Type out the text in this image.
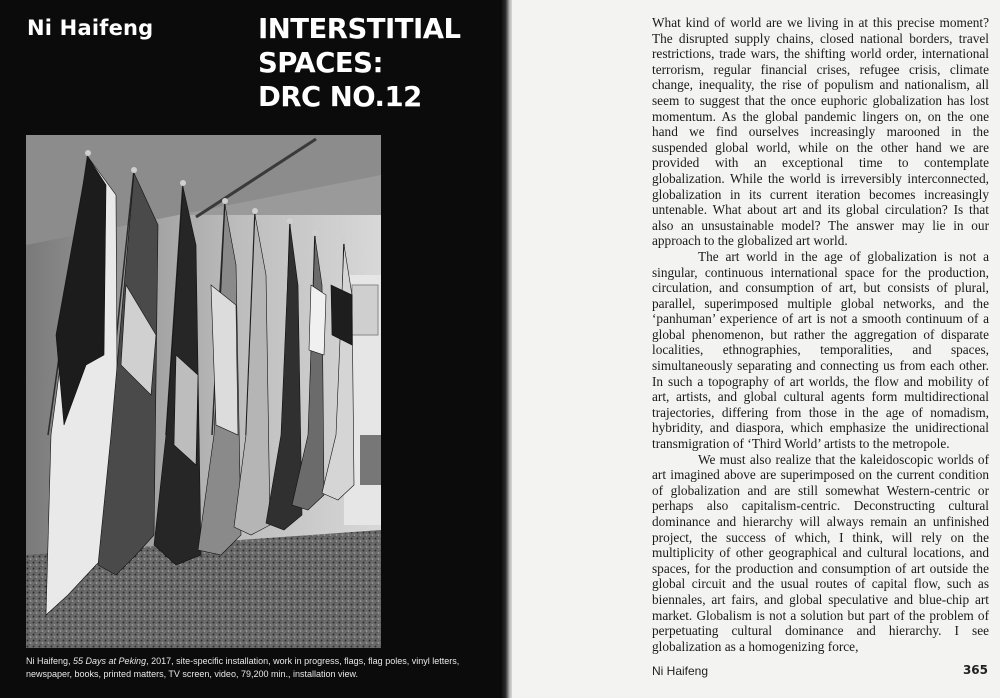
Ni Haifeng	INTERSTITIAL
SPACES:
DRC NO.12

Ni Haifeng, 55 Days at Peking, 2017, site-specific installation, work in progress, flags, flag poles, vinyl letters, newspaper, books, printed matters, TV screen, video, 79,200 min., installation view.

What kind of world are we living in at this precise moment? The disrupted supply chains, closed national borders, travel restrictions, trade wars, the shifting world order, international terrorism, regular financial crises, refugee crisis, climate change, inequality, the rise of populism and nationalism, all seem to suggest that the once euphoric globalization has lost momentum. As the global pandemic lingers on, on the one hand we find ourselves increasingly marooned in the suspended global world, while on the other hand we are provided with an exceptional time to contemplate globalization. While the world is irreversibly interconnected, globalization in its current iteration becomes increasingly untenable. What about art and its global circulation? Is that also an unsustainable model? The answer may lie in our approach to the globalized art world.

The art world in the age of globalization is not a singular, continuous international space for the production, circulation, and consumption of art, but consists of plural, parallel, superimposed multiple global networks, and the ‘panhuman’ experience of art is not a smooth continuum of a global phenomenon, but rather the aggregation of disparate localities, ethnographies, temporalities, and spaces, simultaneously separating and connecting us from each other. In such a topography of art worlds, the flow and mobility of art, artists, and global cultural agents form multidirectional trajectories, differing from those in the age of nomadism, hybridity, and diaspora, which emphasize the unidirectional transmigration of ‘Third World’ artists to the metropole.

We must also realize that the kaleidoscopic worlds of art imagined above are superimposed on the current condition of globalization and are still somewhat Western-centric or perhaps also capitalism-centric. Deconstructing cultural dominance and hierarchy will always remain an unfinished project, the success of which, I think, will rely on the multiplicity of other geographical and cultural locations, and spaces, for the production and consumption of art outside the global circuit and the usual routes of capital flow, such as biennales, art fairs, and global speculative and blue-chip art market. Globalism is not a solution but part of the problem of perpetuating cultural dominance and hierarchy. I see globalization as a homogenizing force,

Ni Haifeng	365
